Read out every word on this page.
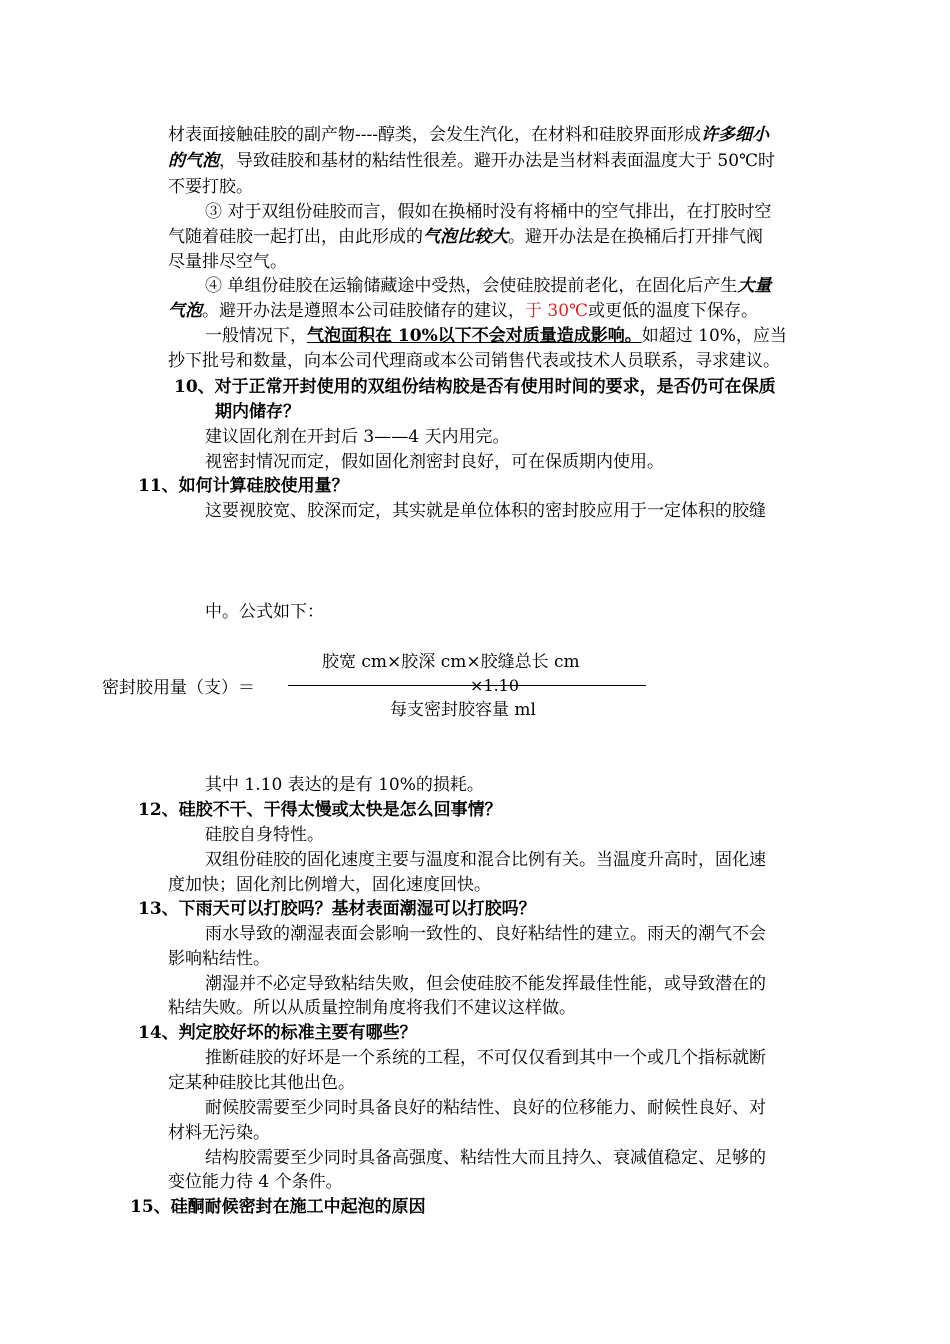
材表面接触硅胶的副产物----醇类，会发生汽化，在材料和硅胶界面形成许多细小
的气泡，导致硅胶和基材的粘结性很差。避开办法是当材料表面温度大于 50℃时
不要打胶。
③ 对于双组份硅胶而言，假如在换桶时没有将桶中的空气排出，在打胶时空
气随着硅胶一起打出，由此形成的气泡比较大。避开办法是在换桶后打开排气阀
尽量排尽空气。
④ 单组份硅胶在运输储藏途中受热，会使硅胶提前老化，在固化后产生大量
气泡。避开办法是遵照本公司硅胶储存的建议，于 30℃或更低的温度下保存。
一般情况下，气泡面积在 10%以下不会对质量造成影响。如超过 10%，应当
抄下批号和数量，向本公司代理商或本公司销售代表或技术人员联系，寻求建议。
10、对于正常开封使用的双组份结构胶是否有使用时间的要求，是否仍可在保质
期内储存？
建议固化剂在开封后 3——4 天内用完。
视密封情况而定，假如固化剂密封良好，可在保质期内使用。
11、如何计算硅胶使用量？
这要视胶宽、胶深而定，其实就是单位体积的密封胶应用于一定体积的胶缝
中。公式如下：
胶宽 cm×胶深 cm×胶缝总长 cm
密封胶用量（支）＝	×1.10
每支密封胶容量 ml
其中 1.10 表达的是有 10%的损耗。
12、硅胶不干、干得太慢或太快是怎么回事情？
硅胶自身特性。
双组份硅胶的固化速度主要与温度和混合比例有关。当温度升高时，固化速
度加快；固化剂比例增大，固化速度回快。
13、下雨天可以打胶吗？基材表面潮湿可以打胶吗？
雨水导致的潮湿表面会影响一致性的、良好粘结性的建立。雨天的潮气不会
影响粘结性。
潮湿并不必定导致粘结失败，但会使硅胶不能发挥最佳性能，或导致潜在的
粘结失败。所以从质量控制角度将我们不建议这样做。
14、判定胶好坏的标准主要有哪些？
推断硅胶的好坏是一个系统的工程，不可仅仅看到其中一个或几个指标就断
定某种硅胶比其他出色。
耐候胶需要至少同时具备良好的粘结性、良好的位移能力、耐候性良好、对
材料无污染。
结构胶需要至少同时具备高强度、粘结性大而且持久、衰减值稳定、足够的
变位能力待 4 个条件。
15、硅酮耐候密封在施工中起泡的原因
